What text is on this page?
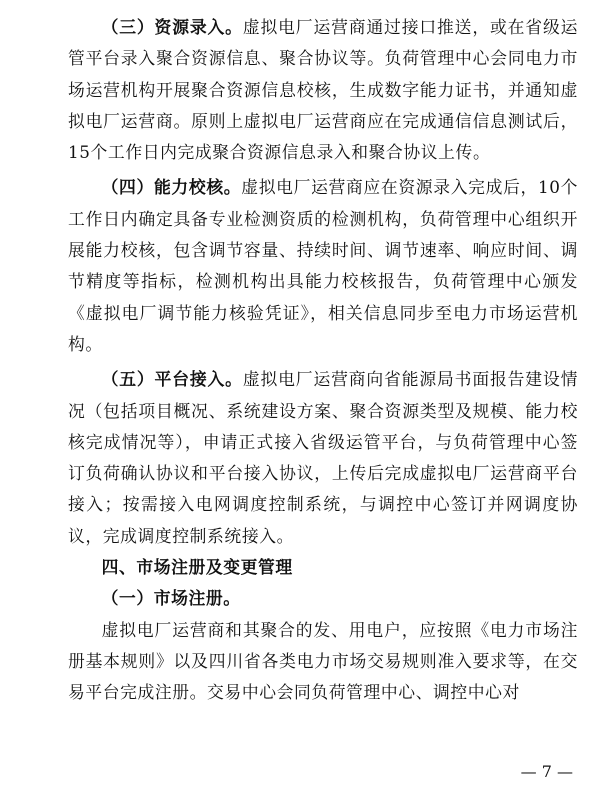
（三）资源录入。虚拟电厂运营商通过接口推送，或在省级运管平台录入聚合资源信息、聚合协议等。负荷管理中心会同电力市场运营机构开展聚合资源信息校核，生成数字能力证书，并通知虚拟电厂运营商。原则上虚拟电厂运营商应在完成通信信息测试后，15个工作日内完成聚合资源信息录入和聚合协议上传。

（四）能力校核。虚拟电厂运营商应在资源录入完成后，10个工作日内确定具备专业检测资质的检测机构，负荷管理中心组织开展能力校核，包含调节容量、持续时间、调节速率、响应时间、调节精度等指标，检测机构出具能力校核报告，负荷管理中心颁发《虚拟电厂调节能力核验凭证》，相关信息同步至电力市场运营机构。

（五）平台接入。虚拟电厂运营商向省能源局书面报告建设情况（包括项目概况、系统建设方案、聚合资源类型及规模、能力校核完成情况等），申请正式接入省级运管平台，与负荷管理中心签订负荷确认协议和平台接入协议，上传后完成虚拟电厂运营商平台接入；按需接入电网调度控制系统，与调控中心签订并网调度协议，完成调度控制系统接入。

四、市场注册及变更管理
（一）市场注册。

虚拟电厂运营商和其聚合的发、用电户，应按照《电力市场注册基本规则》以及四川省各类电力市场交易规则准入要求等，在交易平台完成注册。交易中心会同负荷管理中心、调控中心对

— 7 —
